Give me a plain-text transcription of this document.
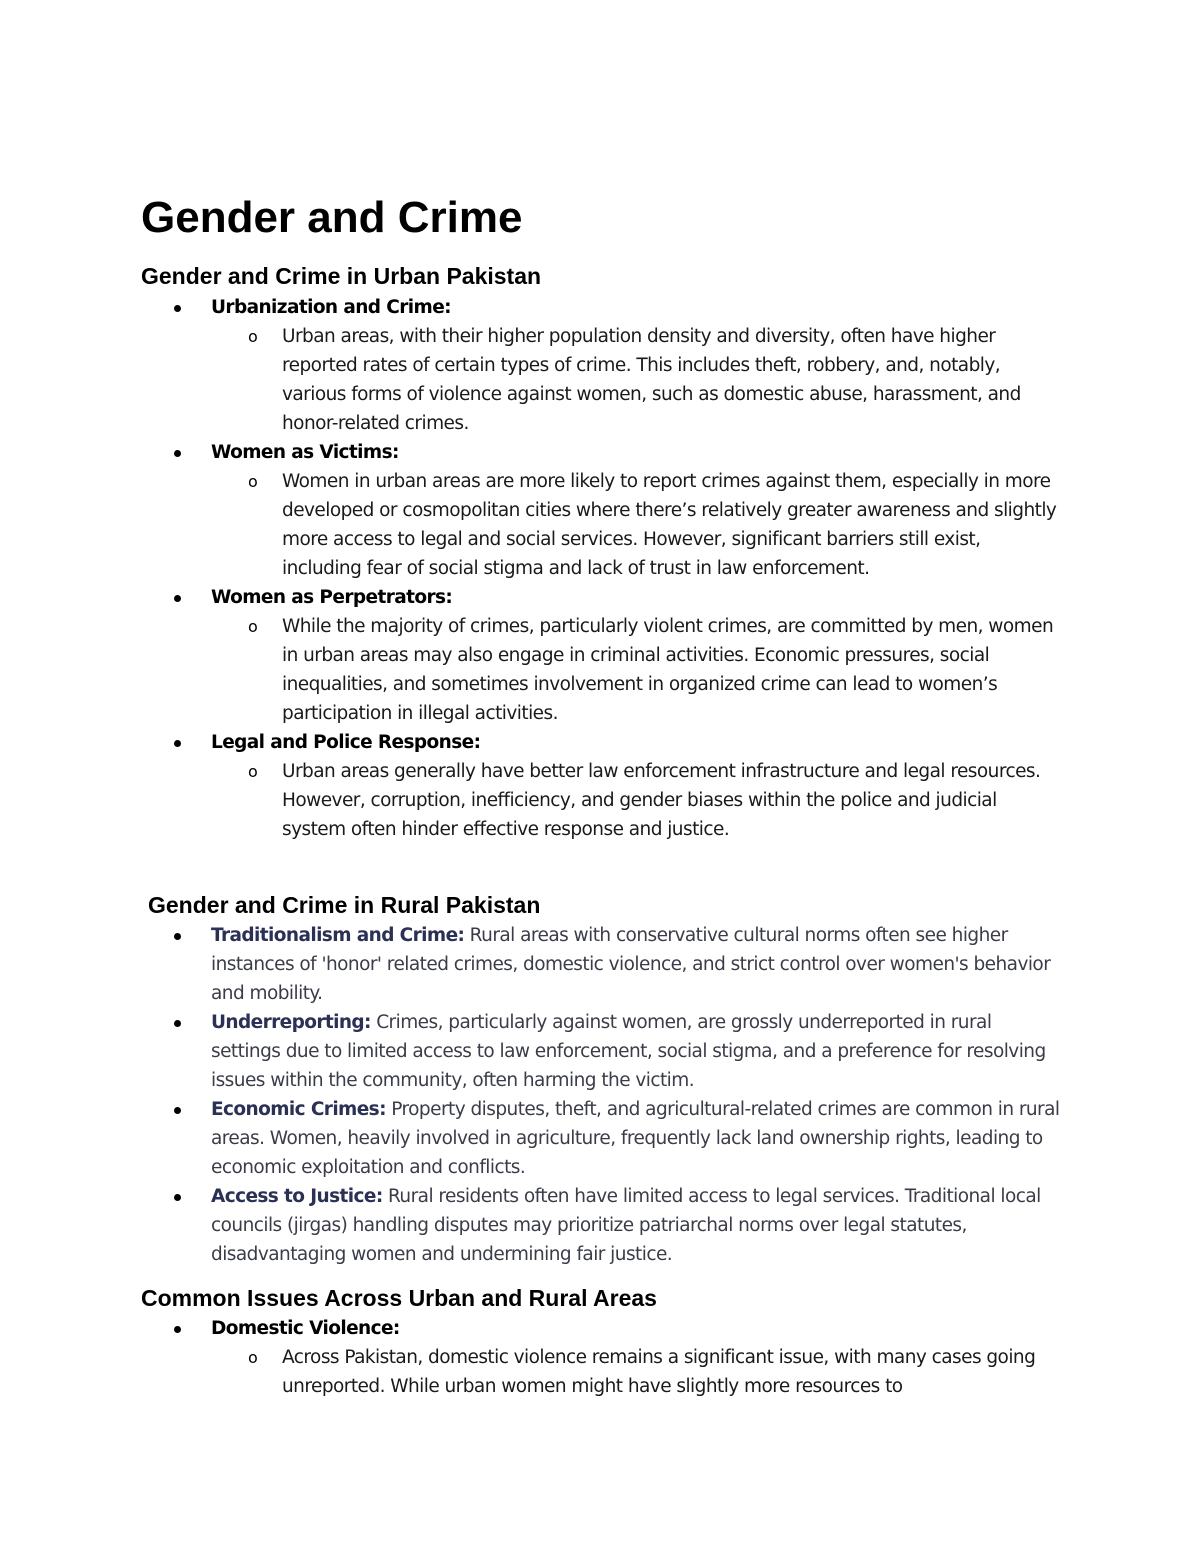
Gender and Crime
Gender and Crime in Urban Pakistan
Urbanization and Crime:
o Urban areas, with their higher population density and diversity, often have higher reported rates of certain types of crime. This includes theft, robbery, and, notably, various forms of violence against women, such as domestic abuse, harassment, and honor-related crimes.
Women as Victims:
o Women in urban areas are more likely to report crimes against them, especially in more developed or cosmopolitan cities where there’s relatively greater awareness and slightly more access to legal and social services. However, significant barriers still exist, including fear of social stigma and lack of trust in law enforcement.
Women as Perpetrators:
o While the majority of crimes, particularly violent crimes, are committed by men, women in urban areas may also engage in criminal activities. Economic pressures, social inequalities, and sometimes involvement in organized crime can lead to women’s participation in illegal activities.
Legal and Police Response:
o Urban areas generally have better law enforcement infrastructure and legal resources. However, corruption, inefficiency, and gender biases within the police and judicial system often hinder effective response and justice.
Gender and Crime in Rural Pakistan
Traditionalism and Crime: Rural areas with conservative cultural norms often see higher instances of 'honor' related crimes, domestic violence, and strict control over women's behavior and mobility.
Underreporting: Crimes, particularly against women, are grossly underreported in rural settings due to limited access to law enforcement, social stigma, and a preference for resolving issues within the community, often harming the victim.
Economic Crimes: Property disputes, theft, and agricultural-related crimes are common in rural areas. Women, heavily involved in agriculture, frequently lack land ownership rights, leading to economic exploitation and conflicts.
Access to Justice: Rural residents often have limited access to legal services. Traditional local councils (jirgas) handling disputes may prioritize patriarchal norms over legal statutes, disadvantaging women and undermining fair justice.
Common Issues Across Urban and Rural Areas
Domestic Violence:
o Across Pakistan, domestic violence remains a significant issue, with many cases going unreported. While urban women might have slightly more resources to
